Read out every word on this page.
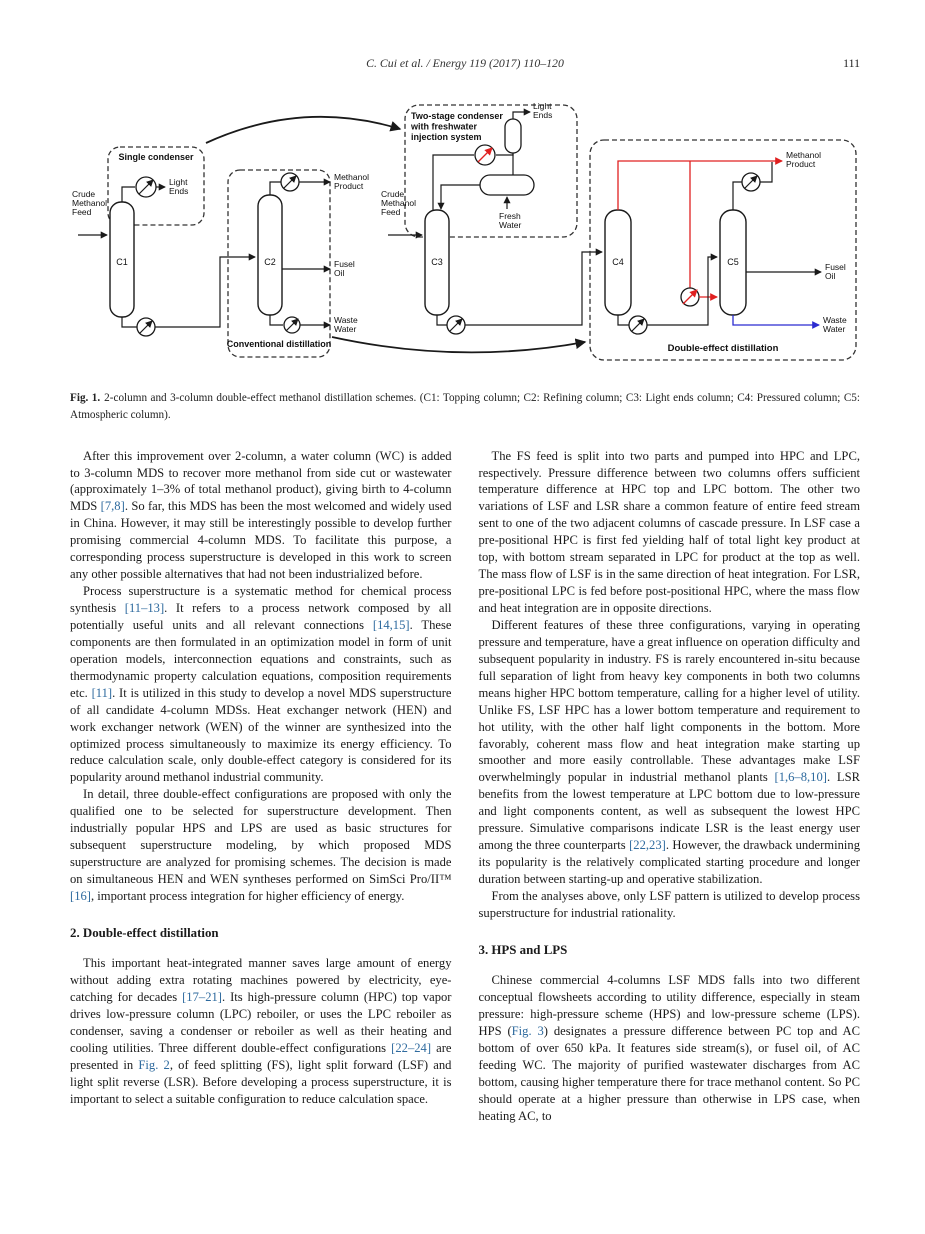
C. Cui et al. / Energy 119 (2017) 110–120	111
Single condenser
Crude Methanol Feed
C1
Light Ends
C2
Methanol Product
Fusel Oil
Waste Water
Conventional distillation
Two-stage condenser with freshwater injection system
Crude Methanol Feed
C3
Light Ends
Fresh Water
C4	C5
Methanol Product
Fusel Oil
Waste Water
Double-effect distillation
Fig. 1. 2-column and 3-column double-effect methanol distillation schemes. (C1: Topping column; C2: Refining column; C3: Light ends column; C4: Pressured column; C5: Atmospheric column).

After this improvement over 2-column, a water column (WC) is added to 3-column MDS to recover more methanol from side cut or wastewater (approximately 1–3% of total methanol product), giving birth to 4-column MDS [7,8]. So far, this MDS has been the most welcomed and widely used in China. However, it may still be interestingly possible to develop further promising commercial 4-column MDS. To facilitate this purpose, a corresponding process superstructure is developed in this work to screen any other possible alternatives that had not been industrialized before.

Process superstructure is a systematic method for chemical process synthesis [11–13]. It refers to a process network composed by all potentially useful units and all relevant connections [14,15]. These components are then formulated in an optimization model in form of unit operation models, interconnection equations and constraints, such as thermodynamic property calculation equations, composition requirements etc. [11]. It is utilized in this study to develop a novel MDS superstructure of all candidate 4-column MDSs. Heat exchanger network (HEN) and work exchanger network (WEN) of the winner are synthesized into the optimized process simultaneously to maximize its energy efficiency. To reduce calculation scale, only double-effect category is considered for its popularity around methanol industrial community.

In detail, three double-effect configurations are proposed with only the qualified one to be selected for superstructure development. Then industrially popular HPS and LPS are used as basic structures for subsequent superstructure modeling, by which proposed MDS superstructure are analyzed for promising schemes. The decision is made on simultaneous HEN and WEN syntheses performed on SimSci Pro/II™ [16], important process integration for higher efficiency of energy.

2. Double-effect distillation

This important heat-integrated manner saves large amount of energy without adding extra rotating machines powered by electricity, eye-catching for decades [17–21]. Its high-pressure column (HPC) top vapor drives low-pressure column (LPC) reboiler, or uses the LPC reboiler as condenser, saving a condenser or reboiler as well as their heating and cooling utilities. Three different double-effect configurations [22–24] are presented in Fig. 2, of feed splitting (FS), light split forward (LSF) and light split reverse (LSR). Before developing a process superstructure, it is important to select a suitable configuration to reduce calculation space.

The FS feed is split into two parts and pumped into HPC and LPC, respectively. Pressure difference between two columns offers sufficient temperature difference at HPC top and LPC bottom. The other two variations of LSF and LSR share a common feature of entire feed stream sent to one of the two adjacent columns of cascade pressure. In LSF case a pre-positional HPC is first fed yielding half of total light key product at top, with bottom stream separated in LPC for product at the top as well. The mass flow of LSF is in the same direction of heat integration. For LSR, pre-positional LPC is fed before post-positional HPC, where the mass flow and heat integration are in opposite directions.

Different features of these three configurations, varying in operating pressure and temperature, have a great influence on operation difficulty and subsequent popularity in industry. FS is rarely encountered in-situ because full separation of light from heavy key components in both two columns means higher HPC bottom temperature, calling for a higher level of utility. Unlike FS, LSF HPC has a lower bottom temperature and requirement to hot utility, with the other half light components in the bottom. More favorably, coherent mass flow and heat integration make starting up smoother and more easily controllable. These advantages make LSF overwhelmingly popular in industrial methanol plants [1,6–8,10]. LSR benefits from the lowest temperature at LPC bottom due to low-pressure and light components content, as well as subsequent the lowest HPC pressure. Simulative comparisons indicate LSR is the least energy user among the three counterparts [22,23]. However, the drawback undermining its popularity is the relatively complicated starting procedure and longer duration between starting-up and operative stabilization.

From the analyses above, only LSF pattern is utilized to develop process superstructure for industrial rationality.

3. HPS and LPS

Chinese commercial 4-columns LSF MDS falls into two different conceptual flowsheets according to utility difference, especially in steam pressure: high-pressure scheme (HPS) and low-pressure scheme (LPS). HPS (Fig. 3) designates a pressure difference between PC top and AC bottom of over 650 kPa. It features side stream(s), or fusel oil, of AC feeding WC. The majority of purified wastewater discharges from AC bottom, causing higher temperature there for trace methanol content. So PC should operate at a higher pressure than otherwise in LPS case, when heating AC, to
